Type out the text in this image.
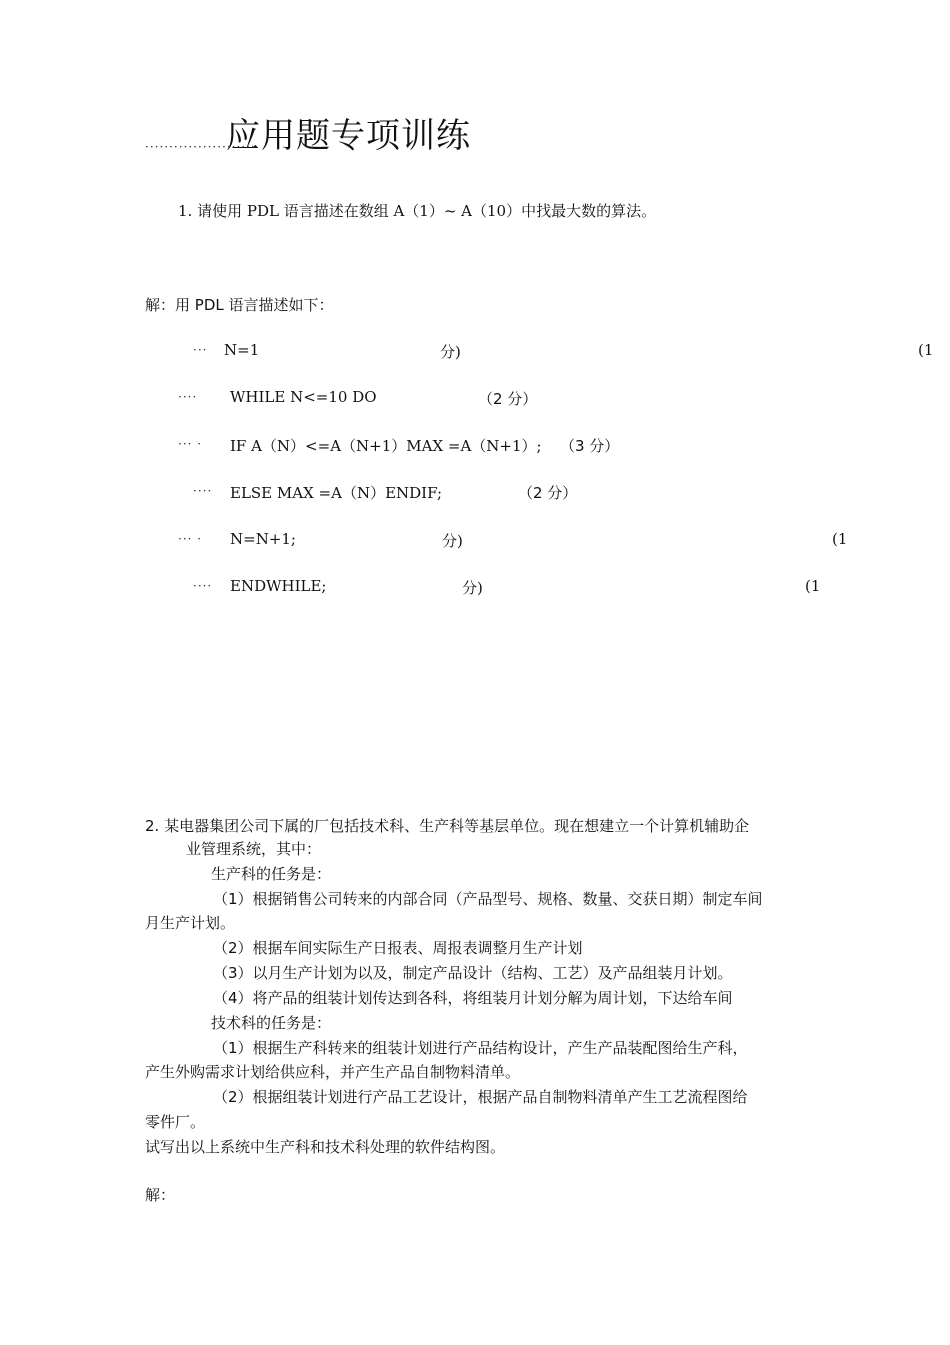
应用题专项训练
·······················
1. 请使用 PDL 语言描述在数组 A（1）~ A（10）中找最大数的算法。
解：用 PDL 语言描述如下：
··· N=1	分)	(1
···· WHILE N<=10 DO	（2 分）
··· · IF A（N）<=A（N+1）MAX =A（N+1）; （3 分）
···· ELSE MAX =A（N）ENDIF;	（2 分）
··· · N=N+1;	分)	(1
···· ENDWHILE;	分)	(1
2. 某电器集团公司下属的厂包括技术科、生产科等基层单位。现在想建立一个计算机辅助企
业管理系统，其中：
生产科的任务是：
（1）根据销售公司转来的内部合同（产品型号、规格、数量、交获日期）制定车间
月生产计划。
（2）根据车间实际生产日报表、周报表调整月生产计划
（3）以月生产计划为以及，制定产品设计（结构、工艺）及产品组装月计划。
（4）将产品的组装计划传达到各科，将组装月计划分解为周计划，下达给车间
技术科的任务是：
（1）根据生产科转来的组装计划进行产品结构设计，产生产品装配图给生产科，
产生外购需求计划给供应科，并产生产品自制物料清单。
（2）根据组装计划进行产品工艺设计，根据产品自制物料清单产生工艺流程图给
零件厂。
试写出以上系统中生产科和技术科处理的软件结构图。
解：
